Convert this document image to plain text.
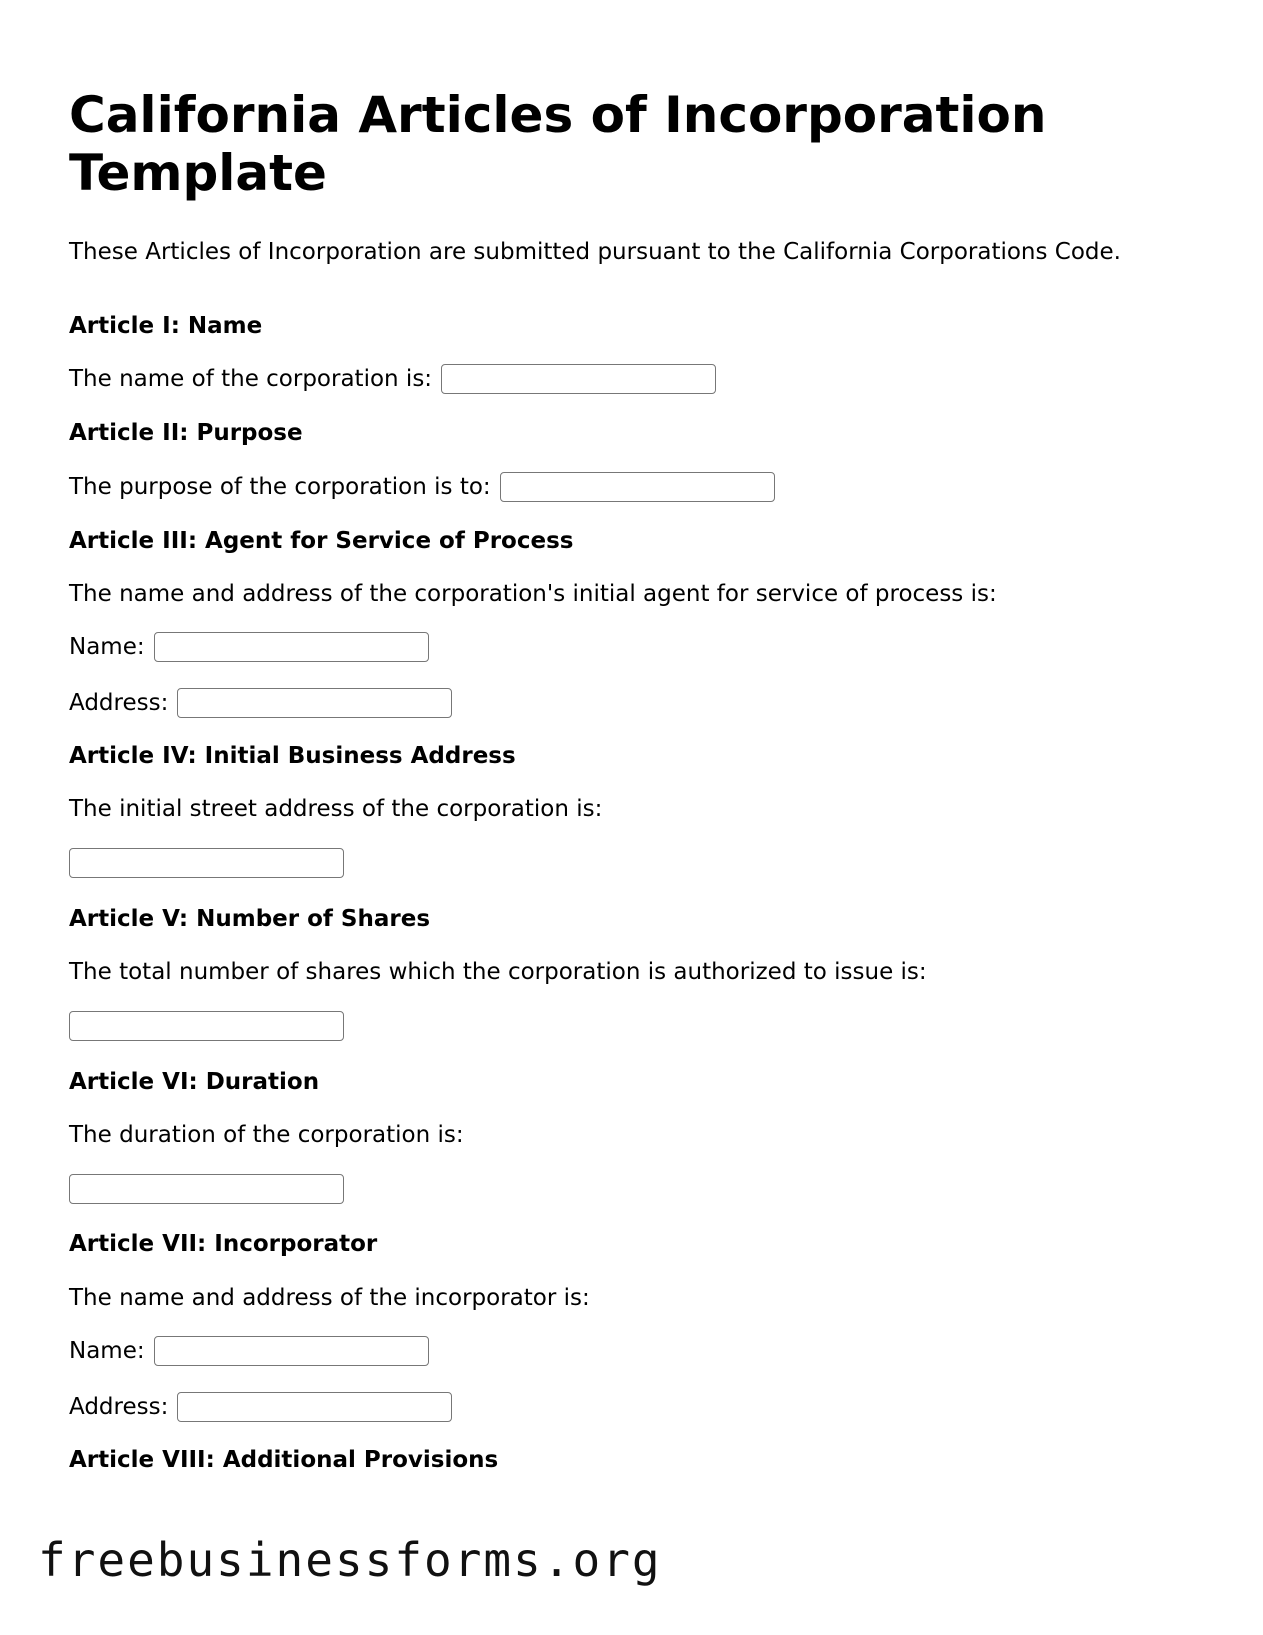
California Articles of Incorporation Template
These Articles of Incorporation are submitted pursuant to the California Corporations Code.
Article I: Name
The name of the corporation is:
Article II: Purpose
The purpose of the corporation is to:
Article III: Agent for Service of Process
The name and address of the corporation's initial agent for service of process is:
Name:
Address:
Article IV: Initial Business Address
The initial street address of the corporation is:
Article V: Number of Shares
The total number of shares which the corporation is authorized to issue is:
Article VI: Duration
The duration of the corporation is:
Article VII: Incorporator
The name and address of the incorporator is:
Name:
Address:
Article VIII: Additional Provisions
freebusinessforms.org
